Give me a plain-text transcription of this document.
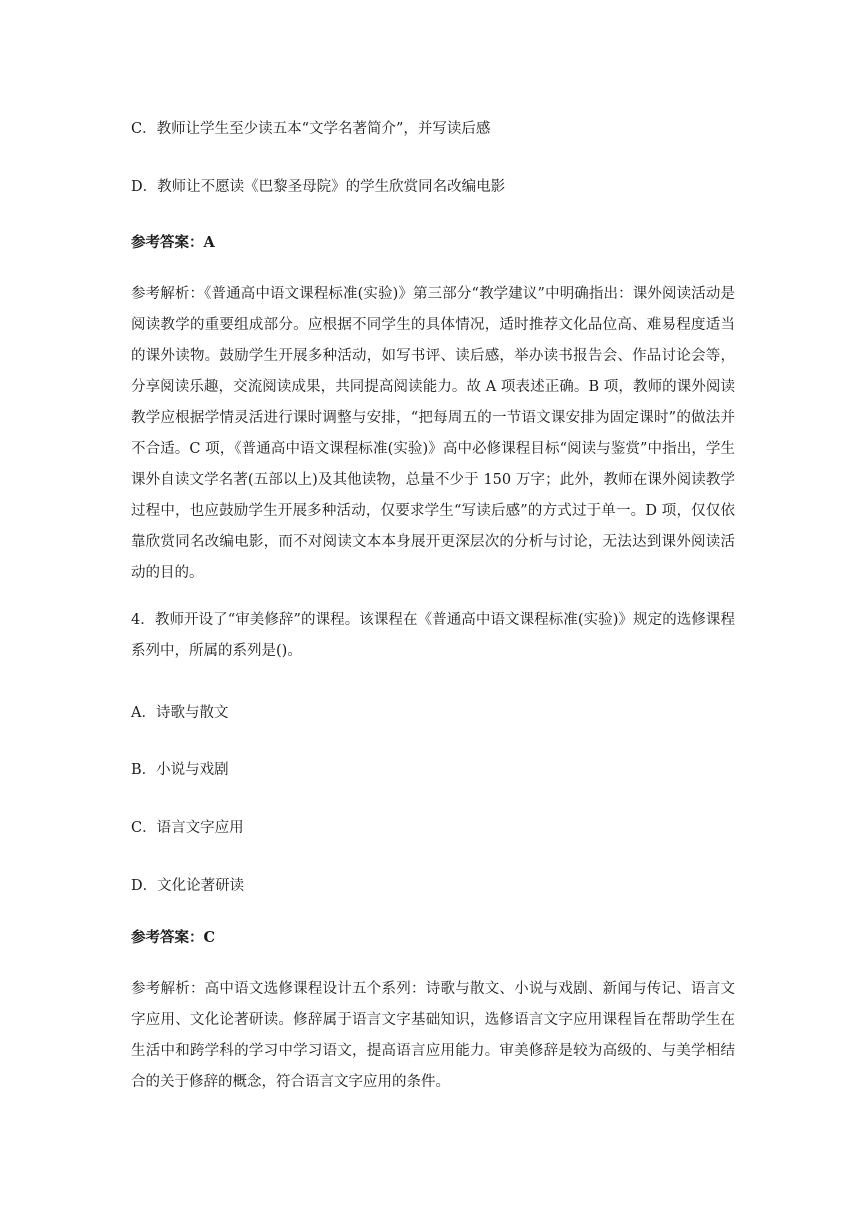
C．教师让学生至少读五本“文学名著简介”，并写读后感
D．教师让不愿读《巴黎圣母院》的学生欣赏同名改编电影
参考答案：A
参考解析：《普通高中语文课程标准(实验)》第三部分“教学建议”中明确指出：课外阅读活动是阅读教学的重要组成部分。应根据不同学生的具体情况，适时推荐文化品位高、难易程度适当的课外读物。鼓励学生开展多种活动，如写书评、读后感，举办读书报告会、作品讨论会等，分享阅读乐趣，交流阅读成果，共同提高阅读能力。故 A 项表述正确。B 项，教师的课外阅读教学应根据学情灵活进行课时调整与安排，“把每周五的一节语文课安排为固定课时”的做法并不合适。C 项，《普通高中语文课程标准(实验)》高中必修课程目标“阅读与鉴赏”中指出，学生课外自读文学名著(五部以上)及其他读物，总量不少于 150 万字；此外，教师在课外阅读教学过程中，也应鼓励学生开展多种活动，仅要求学生“写读后感”的方式过于单一。D 项，仅仅依靠欣赏同名改编电影，而不对阅读文本本身展开更深层次的分析与讨论，无法达到课外阅读活动的目的。
4．教师开设了“审美修辞”的课程。该课程在《普通高中语文课程标准(实验)》规定的选修课程系列中，所属的系列是()。
A．诗歌与散文
B．小说与戏剧
C．语言文字应用
D．文化论著研读
参考答案：C
参考解析：高中语文选修课程设计五个系列：诗歌与散文、小说与戏剧、新闻与传记、语言文字应用、文化论著研读。修辞属于语言文字基础知识，选修语言文字应用课程旨在帮助学生在生活中和跨学科的学习中学习语文，提高语言应用能力。审美修辞是较为高级的、与美学相结合的关于修辞的概念，符合语言文字应用的条件。
